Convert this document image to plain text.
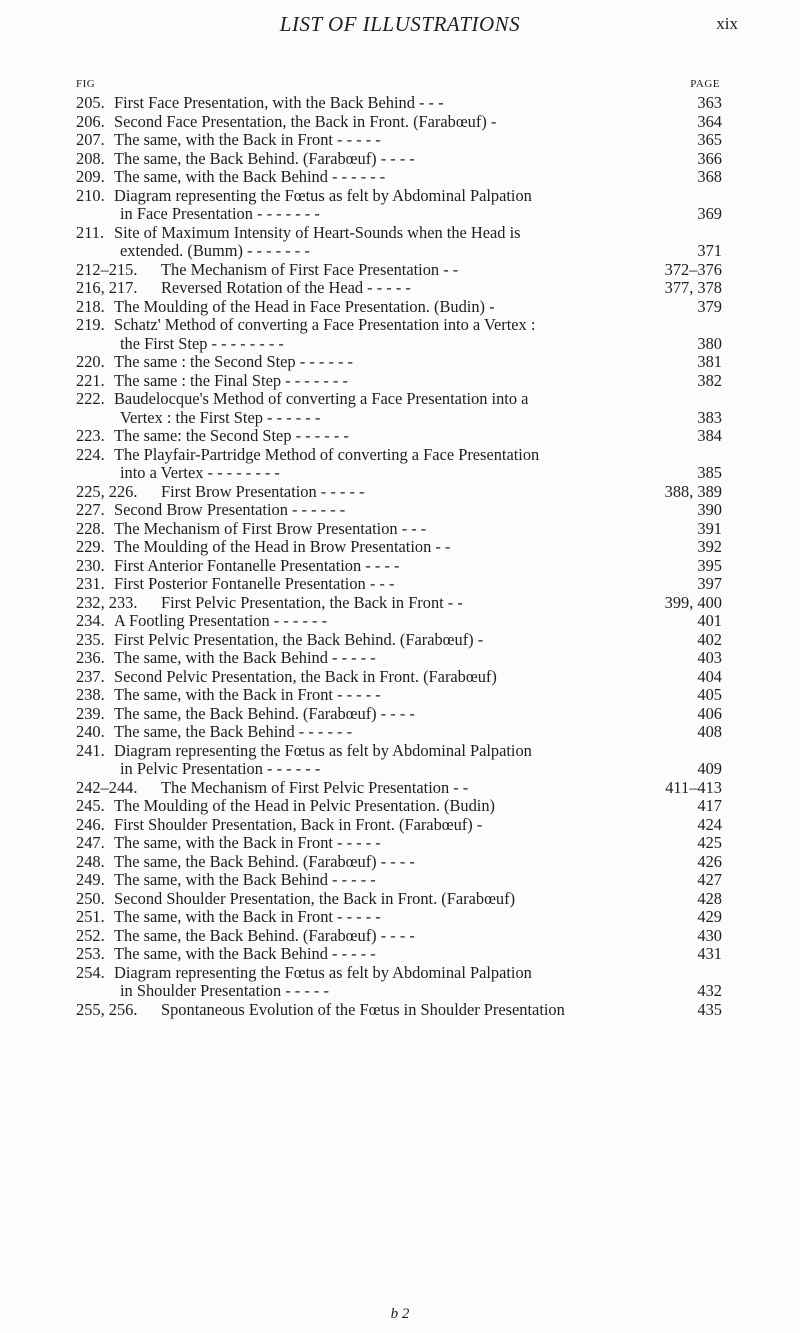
LIST OF ILLUSTRATIONS	xix
FIG	PAGE
205. First Face Presentation, with the Back Behind - - -	363
206. Second Face Presentation, the Back in Front. (Farabœuf) -	364
207. The same, with the Back in Front - - - - -	365
208. The same, the Back Behind. (Farabœuf) - - - -	366
209. The same, with the Back Behind - - - - - -	368
210. Diagram representing the Fœtus as felt by Abdominal Palpation
in Face Presentation - - - - - - -	369
211. Site of Maximum Intensity of Heart-Sounds when the Head is
extended. (Bumm) - - - - - - -	371
212–215. The Mechanism of First Face Presentation - -	372–376
216, 217. Reversed Rotation of the Head - - - - -	377, 378
218. The Moulding of the Head in Face Presentation. (Budin) -	379
219. Schatz' Method of converting a Face Presentation into a Vertex :
the First Step - - - - - - - -	380
220. The same : the Second Step - - - - - -	381
221. The same : the Final Step - - - - - - -	382
222. Baudelocque's Method of converting a Face Presentation into a
Vertex : the First Step - - - - - -	383
223. The same: the Second Step - - - - - -	384
224. The Playfair-Partridge Method of converting a Face Presentation
into a Vertex - - - - - - - -	385
225, 226. First Brow Presentation - - - - -	388, 389
227. Second Brow Presentation - - - - - -	390
228. The Mechanism of First Brow Presentation - - -	391
229. The Moulding of the Head in Brow Presentation - -	392
230. First Anterior Fontanelle Presentation - - - -	395
231. First Posterior Fontanelle Presentation - - -	397
232, 233. First Pelvic Presentation, the Back in Front - -	399, 400
234. A Footling Presentation - - - - - -	401
235. First Pelvic Presentation, the Back Behind. (Farabœuf) -	402
236. The same, with the Back Behind - - - - -	403
237. Second Pelvic Presentation, the Back in Front. (Farabœuf)	404
238. The same, with the Back in Front - - - - -	405
239. The same, the Back Behind. (Farabœuf) - - - -	406
240. The same, the Back Behind - - - - - -	408
241. Diagram representing the Fœtus as felt by Abdominal Palpation
in Pelvic Presentation - - - - - -	409
242–244. The Mechanism of First Pelvic Presentation - -	411–413
245. The Moulding of the Head in Pelvic Presentation. (Budin)	417
246. First Shoulder Presentation, Back in Front. (Farabœuf) -	424
247. The same, with the Back in Front - - - - -	425
248. The same, the Back Behind. (Farabœuf) - - - -	426
249. The same, with the Back Behind - - - - -	427
250. Second Shoulder Presentation, the Back in Front. (Farabœuf)	428
251. The same, with the Back in Front - - - - -	429
252. The same, the Back Behind. (Farabœuf) - - - -	430
253. The same, with the Back Behind - - - - -	431
254. Diagram representing the Fœtus as felt by Abdominal Palpation
in Shoulder Presentation - - - - -	432
255, 256. Spontaneous Evolution of the Fœtus in Shoulder Presentation	435
b 2
